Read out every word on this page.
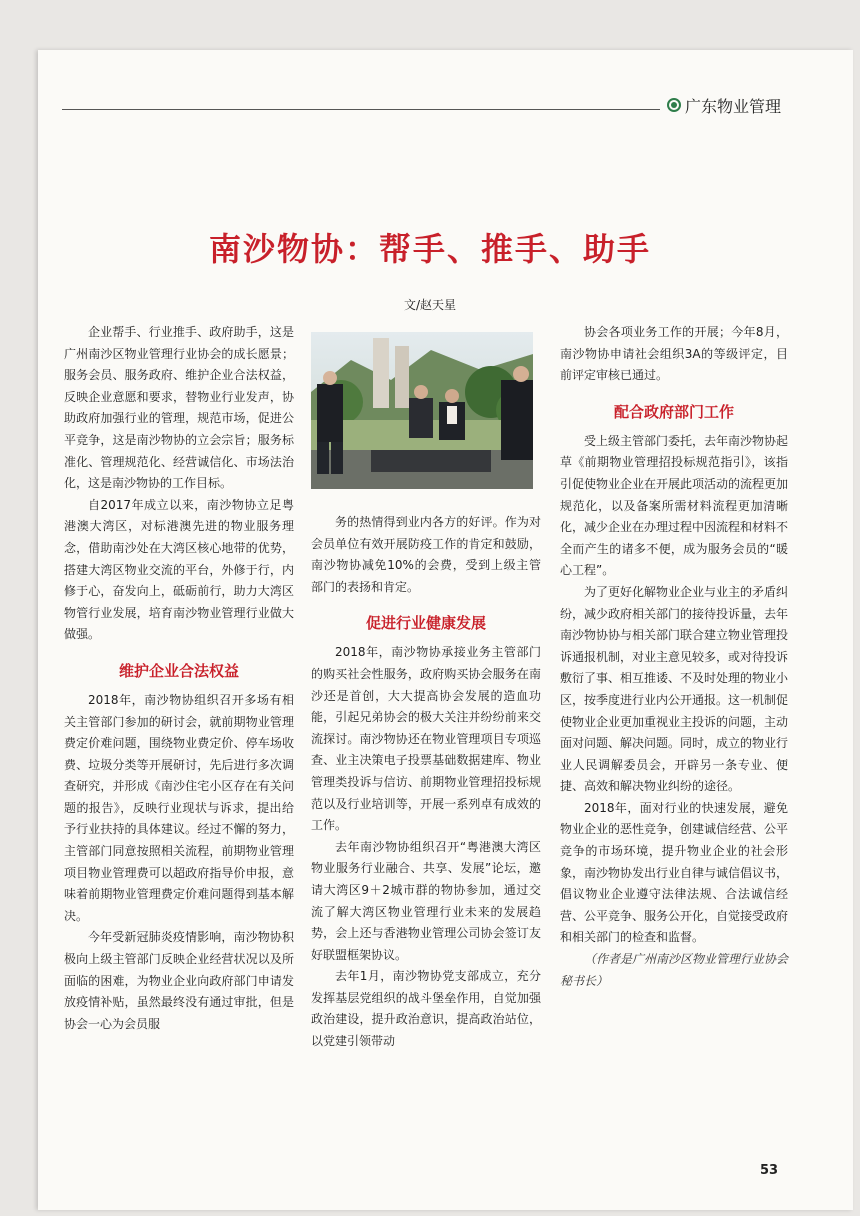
广东物业管理
南沙物协：帮手、推手、助手
文/赵天星

企业帮手、行业推手、政府助手，这是广州南沙区物业管理行业协会的成长愿景；服务会员、服务政府、维护企业合法权益，反映企业意愿和要求，替物业行业发声，协助政府加强行业的管理，规范市场，促进公平竞争，这是南沙物协的立会宗旨；服务标准化、管理规范化、经营诚信化、市场法治化，这是南沙物协的工作目标。

自2017年成立以来，南沙物协立足粤港澳大湾区，对标港澳先进的物业服务理念，借助南沙处在大湾区核心地带的优势，搭建大湾区物业交流的平台，外修于行，内修于心，奋发向上，砥砺前行，助力大湾区物管行业发展，培育南沙物业管理行业做大做强。

维护企业合法权益

2018年，南沙物协组织召开多场有相关主管部门参加的研讨会，就前期物业管理费定价难问题，围绕物业费定价、停车场收费、垃圾分类等开展研讨，先后进行多次调查研究，并形成《南沙住宅小区存在有关问题的报告》，反映行业现状与诉求，提出给予行业扶持的具体建议。经过不懈的努力，主管部门同意按照相关流程，前期物业管理项目物业管理费可以超政府指导价申报，意味着前期物业管理费定价难问题得到基本解决。

今年受新冠肺炎疫情影响，南沙物协积极向上级主管部门反映企业经营状况以及所面临的困难，为物业企业向政府部门申请发放疫情补贴，虽然最终没有通过审批，但是协会一心为会员服

务的热情得到业内各方的好评。作为对会员单位有效开展防疫工作的肯定和鼓励，南沙物协减免10%的会费，受到上级主管部门的表扬和肯定。

促进行业健康发展

2018年，南沙物协承接业务主管部门的购买社会性服务，政府购买协会服务在南沙还是首创，大大提高协会发展的造血功能，引起兄弟协会的极大关注并纷纷前来交流探讨。南沙物协还在物业管理项目专项巡查、业主决策电子投票基础数据建库、物业管理类投诉与信访、前期物业管理招投标规范以及行业培训等，开展一系列卓有成效的工作。

去年南沙物协组织召开“粤港澳大湾区物业服务行业融合、共享、发展”论坛，邀请大湾区9＋2城市群的物协参加，通过交流了解大湾区物业管理行业未来的发展趋势，会上还与香港物业管理公司协会签订友好联盟框架协议。

去年1月，南沙物协党支部成立，充分发挥基层党组织的战斗堡垒作用，自觉加强政治建设，提升政治意识，提高政治站位，以党建引领带动

协会各项业务工作的开展；今年8月，南沙物协申请社会组织3A的等级评定，目前评定审核已通过。

配合政府部门工作

受上级主管部门委托，去年南沙物协起草《前期物业管理招投标规范指引》，该指引促使物业企业在开展此项活动的流程更加规范化，以及备案所需材料流程更加清晰化，减少企业在办理过程中因流程和材料不全而产生的诸多不便，成为服务会员的“暖心工程”。

为了更好化解物业企业与业主的矛盾纠纷，减少政府相关部门的接待投诉量，去年南沙物协协与相关部门联合建立物业管理投诉通报机制，对业主意见较多，或对待投诉敷衍了事、相互推诿、不及时处理的物业小区，按季度进行业内公开通报。这一机制促使物业企业更加重视业主投诉的问题，主动面对问题、解决问题。同时，成立的物业行业人民调解委员会，开辟另一条专业、便捷、高效和解决物业纠纷的途径。

2018年，面对行业的快速发展，避免物业企业的恶性竞争，创建诚信经营、公平竞争的市场环境，提升物业企业的社会形象，南沙物协发出行业自律与诚信倡议书，倡议物业企业遵守法律法规、合法诚信经营、公平竞争、服务公开化，自觉接受政府和相关部门的检查和监督。

（作者是广州南沙区物业管理行业协会秘书长）

53
